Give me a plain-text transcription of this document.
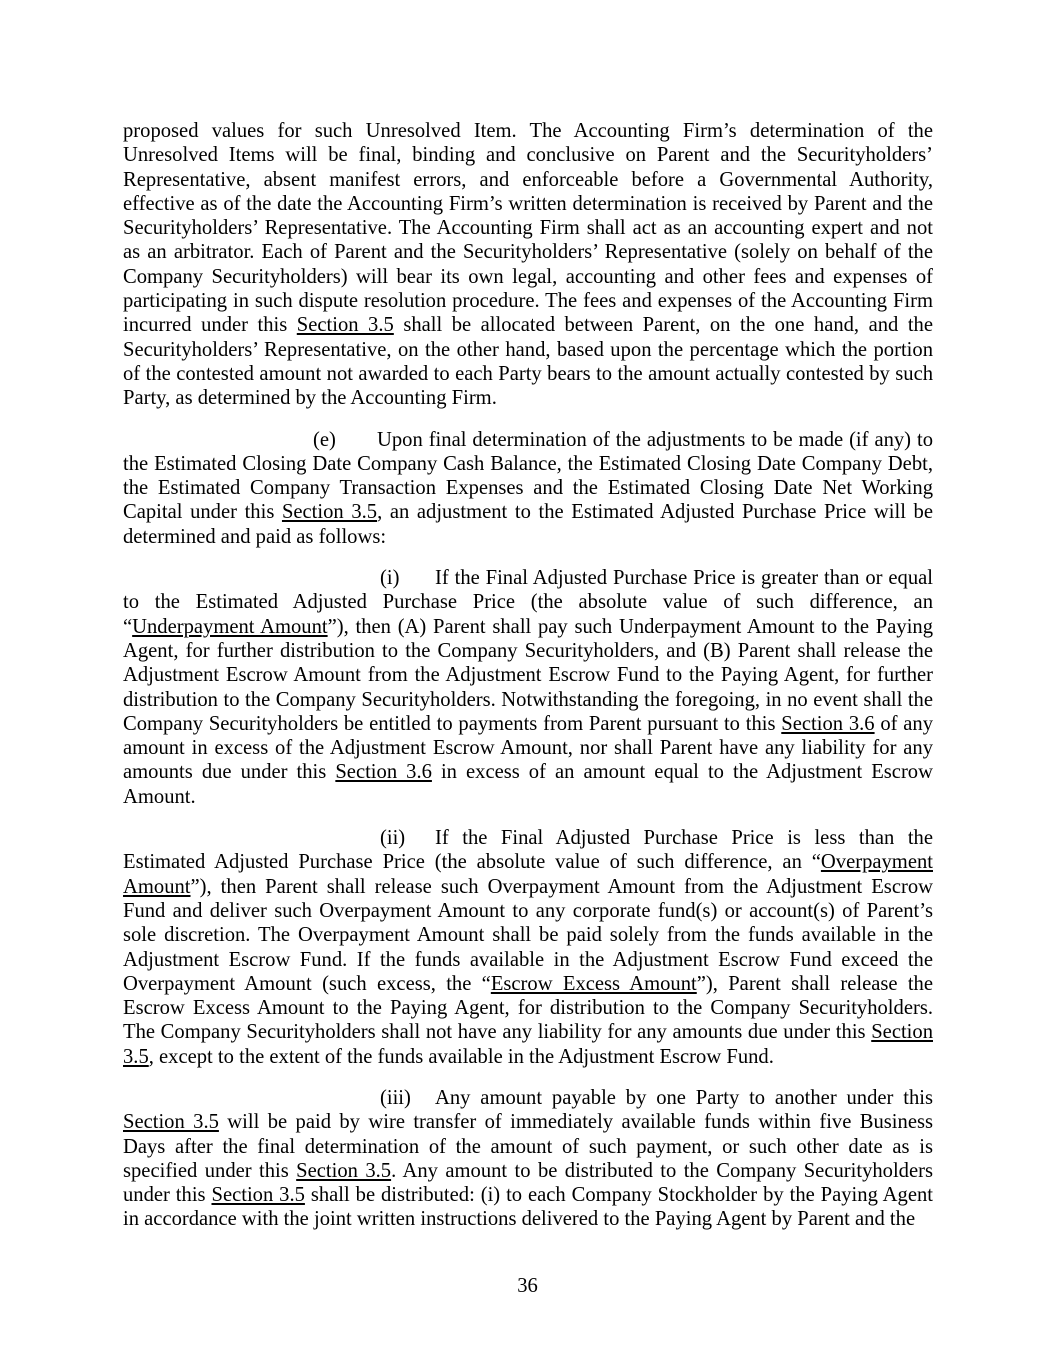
proposed values for such Unresolved Item. The Accounting Firm’s determination of the Unresolved Items will be final, binding and conclusive on Parent and the Securityholders’ Representative, absent manifest errors, and enforceable before a Governmental Authority, effective as of the date the Accounting Firm’s written determination is received by Parent and the Securityholders’ Representative. The Accounting Firm shall act as an accounting expert and not as an arbitrator. Each of Parent and the Securityholders’ Representative (solely on behalf of the Company Securityholders) will bear its own legal, accounting and other fees and expenses of participating in such dispute resolution procedure. The fees and expenses of the Accounting Firm incurred under this Section 3.5 shall be allocated between Parent, on the one hand, and the Securityholders’ Representative, on the other hand, based upon the percentage which the portion of the contested amount not awarded to each Party bears to the amount actually contested by such Party, as determined by the Accounting Firm.

(e) Upon final determination of the adjustments to be made (if any) to the Estimated Closing Date Company Cash Balance, the Estimated Closing Date Company Debt, the Estimated Company Transaction Expenses and the Estimated Closing Date Net Working Capital under this Section 3.5, an adjustment to the Estimated Adjusted Purchase Price will be determined and paid as follows:

(i) If the Final Adjusted Purchase Price is greater than or equal to the Estimated Adjusted Purchase Price (the absolute value of such difference, an “Underpayment Amount”), then (A) Parent shall pay such Underpayment Amount to the Paying Agent, for further distribution to the Company Securityholders, and (B) Parent shall release the Adjustment Escrow Amount from the Adjustment Escrow Fund to the Paying Agent, for further distribution to the Company Securityholders. Notwithstanding the foregoing, in no event shall the Company Securityholders be entitled to payments from Parent pursuant to this Section 3.6 of any amount in excess of the Adjustment Escrow Amount, nor shall Parent have any liability for any amounts due under this Section 3.6 in excess of an amount equal to the Adjustment Escrow Amount.

(ii) If the Final Adjusted Purchase Price is less than the Estimated Adjusted Purchase Price (the absolute value of such difference, an “Overpayment Amount”), then Parent shall release such Overpayment Amount from the Adjustment Escrow Fund and deliver such Overpayment Amount to any corporate fund(s) or account(s) of Parent’s sole discretion. The Overpayment Amount shall be paid solely from the funds available in the Adjustment Escrow Fund. If the funds available in the Adjustment Escrow Fund exceed the Overpayment Amount (such excess, the “Escrow Excess Amount”), Parent shall release the Escrow Excess Amount to the Paying Agent, for distribution to the Company Securityholders. The Company Securityholders shall not have any liability for any amounts due under this Section 3.5, except to the extent of the funds available in the Adjustment Escrow Fund.

(iii) Any amount payable by one Party to another under this Section 3.5 will be paid by wire transfer of immediately available funds within five Business Days after the final determination of the amount of such payment, or such other date as is specified under this Section 3.5. Any amount to be distributed to the Company Securityholders under this Section 3.5 shall be distributed: (i) to each Company Stockholder by the Paying Agent in accordance with the joint written instructions delivered to the Paying Agent by Parent and the

36
